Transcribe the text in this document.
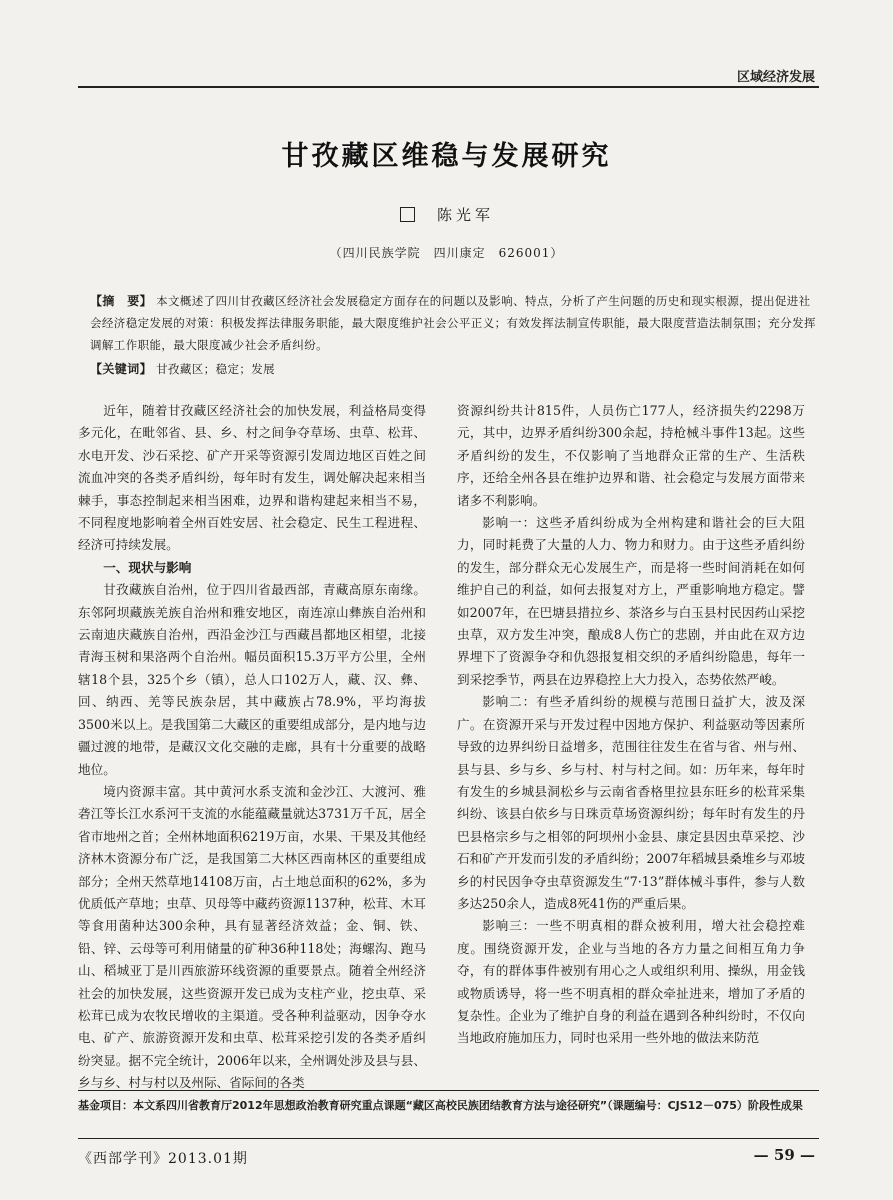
区域经济发展
甘孜藏区维稳与发展研究
陈光军
（四川民族学院　四川康定　626001）
【摘　要】 本文概述了四川甘孜藏区经济社会发展稳定方面存在的问题以及影响、特点，分析了产生问题的历史和现实根源，提出促进社会经济稳定发展的对策：积极发挥法律服务职能，最大限度维护社会公平正义；有效发挥法制宣传职能，最大限度营造法制氛围；充分发挥调解工作职能，最大限度减少社会矛盾纠纷。
【关键词】 甘孜藏区；稳定；发展

近年，随着甘孜藏区经济社会的加快发展，利益格局变得多元化，在毗邻省、县、乡、村之间争夺草场、虫草、松茸、水电开发、沙石采挖、矿产开采等资源引发周边地区百姓之间流血冲突的各类矛盾纠纷，每年时有发生，调处解决起来相当棘手，事态控制起来相当困难，边界和谐构建起来相当不易，不同程度地影响着全州百姓安居、社会稳定、民生工程进程、经济可持续发展。

一、现状与影响

甘孜藏族自治州，位于四川省最西部，青藏高原东南缘。东邻阿坝藏族羌族自治州和雅安地区，南连凉山彝族自治州和云南迪庆藏族自治州，西沿金沙江与西藏昌都地区相望，北接青海玉树和果洛两个自治州。幅员面积15.3万平方公里，全州辖18个县，325个乡（镇），总人口102万人，藏、汉、彝、回、纳西、羌等民族杂居，其中藏族占78.9%，平均海拔3500米以上。是我国第二大藏区的重要组成部分，是内地与边疆过渡的地带，是藏汉文化交融的走廊，具有十分重要的战略地位。

境内资源丰富。其中黄河水系支流和金沙江、大渡河、雅砻江等长江水系河干支流的水能蕴藏量就达3731万千瓦，居全省市地州之首；全州林地面积6219万亩，水果、干果及其他经济林木资源分布广泛，是我国第二大林区西南林区的重要组成部分；全州天然草地14108万亩，占土地总面积的62%，多为优质低产草地；虫草、贝母等中藏药资源1137种，松茸、木耳等食用菌种达300余种，具有显著经济效益；金、铜、铁、铅、锌、云母等可利用储量的矿种36种118处；海螺沟、跑马山、稻城亚丁是川西旅游环线资源的重要景点。随着全州经济社会的加快发展，这些资源开发已成为支柱产业，挖虫草、采松茸已成为农牧民增收的主渠道。受各种利益驱动，因争夺水电、矿产、旅游资源开发和虫草、松茸采挖引发的各类矛盾纠纷突显。据不完全统计，2006年以来，全州调处涉及县与县、乡与乡、村与村以及州际、省际间的各类

资源纠纷共计815件，人员伤亡177人，经济损失约2298万元，其中，边界矛盾纠纷300余起，持枪械斗事件13起。这些矛盾纠纷的发生，不仅影响了当地群众正常的生产、生活秩序，还给全州各县在维护边界和谐、社会稳定与发展方面带来诸多不利影响。

影响一：这些矛盾纠纷成为全州构建和谐社会的巨大阻力，同时耗费了大量的人力、物力和财力。由于这些矛盾纠纷的发生，部分群众无心发展生产，而是将一些时间消耗在如何维护自己的利益，如何去报复对方上，严重影响地方稳定。譬如2007年，在巴塘县措拉乡、茶洛乡与白玉县村民因药山采挖虫草，双方发生冲突，酿成8人伤亡的悲剧，并由此在双方边界埋下了资源争夺和仇怨报复相交织的矛盾纠纷隐患，每年一到采挖季节，两县在边界稳控上大力投入，态势依然严峻。

影响二：有些矛盾纠纷的规模与范围日益扩大，波及深广。在资源开采与开发过程中因地方保护、利益驱动等因素所导致的边界纠纷日益增多，范围往往发生在省与省、州与州、县与县、乡与乡、乡与村、村与村之间。如：历年来，每年时有发生的乡城县洞松乡与云南省香格里拉县东旺乡的松茸采集纠纷、该县白依乡与日珠贡草场资源纠纷；每年时有发生的丹巴县格宗乡与之相邻的阿坝州小金县、康定县因虫草采挖、沙石和矿产开发而引发的矛盾纠纷；2007年稻城县桑堆乡与邓坡乡的村民因争夺虫草资源发生“7·13”群体械斗事件，参与人数多达250余人，造成8死41伤的严重后果。

影响三：一些不明真相的群众被利用，增大社会稳控难度。围绕资源开发，企业与当地的各方力量之间相互角力争夺，有的群体事件被别有用心之人或组织利用、操纵，用金钱或物质诱导，将一些不明真相的群众牵扯进来，增加了矛盾的复杂性。企业为了维护自身的利益在遇到各种纠纷时，不仅向当地政府施加压力，同时也采用一些外地的做法来防范

基金项目：本文系四川省教育厅2012年思想政治教育研究重点课题“藏区高校民族团结教育方法与途径研究”（课题编号：CJS12－075）阶段性成果
《西部学刊》2013.01期	— 59 —
